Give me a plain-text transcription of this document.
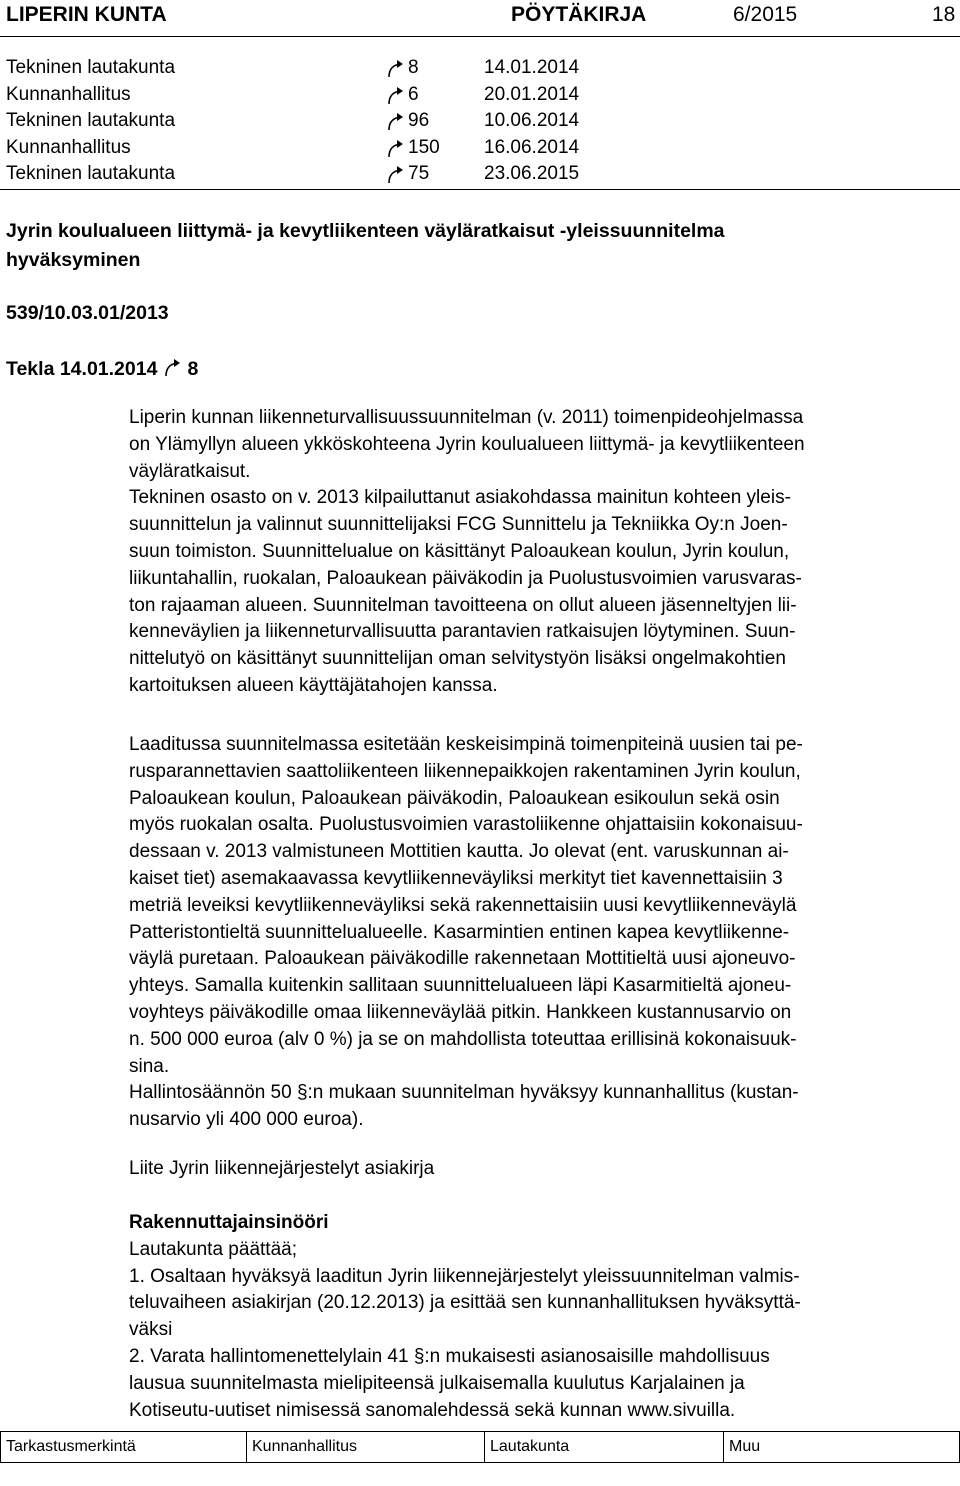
LIPERIN KUNTA	PÖYTÄKIRJA	6/2015	18
Tekninen lautakunta	8	14.01.2014
Kunnanhallitus	6	20.01.2014
Tekninen lautakunta	96	10.06.2014
Kunnanhallitus	150 16.06.2014
Tekninen lautakunta	75	23.06.2015
Jyrin koulualueen liittymä- ja kevytliikenteen väyläratkaisut -yleissuunnitelma
hyväksyminen
539/10.03.01/2013
Tekla 14.01.2014 8
Liperin kunnan liikenneturvallisuussuunnitelman (v. 2011) toimenpideohjelmassa
on Ylämyllyn alueen ykköskohteena Jyrin koulualueen liittymä- ja kevytliikenteen
väyläratkaisut.
Tekninen osasto on v. 2013 kilpailuttanut asiakohdassa mainitun kohteen yleis-
suunnittelun ja valinnut suunnittelijaksi FCG Sunnittelu ja Tekniikka Oy:n Joen-
suun toimiston. Suunnittelualue on käsittänyt Paloaukean koulun, Jyrin koulun,
liikuntahallin, ruokalan, Paloaukean päiväkodin ja Puolustusvoimien varusvaras-
ton rajaaman alueen. Suunnitelman tavoitteena on ollut alueen jäsenneltyjen lii-
kenneväylien ja liikenneturvallisuutta parantavien ratkaisujen löytyminen. Suun-
nittelutyö on käsittänyt suunnittelijan oman selvitystyön lisäksi ongelmakohtien
kartoituksen alueen käyttäjätahojen kanssa.
Laaditussa suunnitelmassa esitetään keskeisimpinä toimenpiteinä uusien tai pe-
rusparannettavien saattoliikenteen liikennepaikkojen rakentaminen Jyrin koulun,
Paloaukean koulun, Paloaukean päiväkodin, Paloaukean esikoulun sekä osin
myös ruokalan osalta. Puolustusvoimien varastoliikenne ohjattaisiin kokonaisuu-
dessaan v. 2013 valmistuneen Mottitien kautta. Jo olevat (ent. varuskunnan ai-
kaiset tiet) asemakaavassa kevytliikenneväyliksi merkityt tiet kavennettaisiin 3
metriä leveiksi kevytliikenneväyliksi sekä rakennettaisiin uusi kevytliikenneväylä
Patteristontieltä suunnittelualueelle. Kasarmintien entinen kapea kevytliikenne-
väylä puretaan. Paloaukean päiväkodille rakennetaan Mottitieltä uusi ajoneuvo-
yhteys. Samalla kuitenkin sallitaan suunnittelualueen läpi Kasarmitieltä ajoneu-
voyhteys päiväkodille omaa liikenneväylää pitkin. Hankkeen kustannusarvio on
n. 500 000 euroa (alv 0 %) ja se on mahdollista toteuttaa erillisinä kokonaisuuk-
sina.
Hallintosäännön 50 §:n mukaan suunnitelman hyväksyy kunnanhallitus (kustan-
nusarvio yli 400 000 euroa).
Liite Jyrin liikennejärjestelyt asiakirja
Rakennuttajainsinööri
Lautakunta päättää;
1. Osaltaan hyväksyä laaditun Jyrin liikennejärjestelyt yleissuunnitelman valmis-
teluvaiheen asiakirjan (20.12.2013) ja esittää sen kunnanhallituksen hyväksyttä-
väksi
2. Varata hallintomenettelylain 41 §:n mukaisesti asianosaisille mahdollisuus
lausua suunnitelmasta mielipiteensä julkaisemalla kuulutus Karjalainen ja
Kotiseutu-uutiset nimisessä sanomalehdessä sekä kunnan www.sivuilla.
Tarkastusmerkintä	Kunnanhallitus	Lautakunta	Muu
